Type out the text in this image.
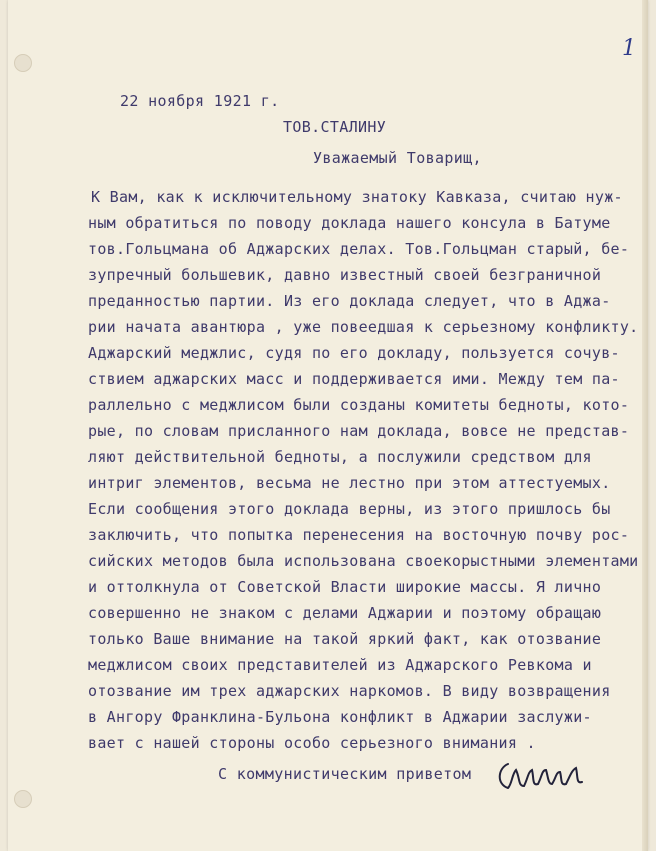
1
22 ноября 1921 г.
ТОВ.СТАЛИНУ
Уважаемый Товарищ,
К Вам, как к исключительному знатоку Кавказа, считаю нуж-
ным обратиться по поводу доклада нашего консула в Батуме
тов.Гольцмана об Аджарских делах. Тов.Гольцман старый, бе-
зупречный большевик, давно известный своей безграничной
преданностью партии. Из его доклада следует, что в Аджа-
рии начата авантюра , уже повеедшая к серьезному конфликту.
Аджарский меджлис, судя по его докладу, пользуется сочув-
ствием аджарских масс и поддерживается ими. Между тем па-
раллельно с меджлисом были созданы комитеты бедноты, кото-
рые, по словам присланного нам доклада, вовсе не представ-
ляют действительной бедноты, а послужили средством для
интриг элементов, весьма не лестно при этом аттестуемых.
Если сообщения этого доклада верны, из этого пришлось бы
заключить, что попытка перенесения на восточную почву рос-
сийских методов была использована своекорыстными элементами
и оттолкнула от Советской Власти широкие массы. Я лично
совершенно не знаком с делами Аджарии и поэтому обращаю
только Ваше внимание на такой яркий факт, как отозвание
меджлисом своих представителей из Аджарского Ревкома и
отозвание им трех аджарских наркомов. В виду возвращения
в Ангору Франклина-Бульона конфликт в Аджарии заслужи-
вает с нашей стороны особо серьезного внимания .
С коммунистическим приветом
